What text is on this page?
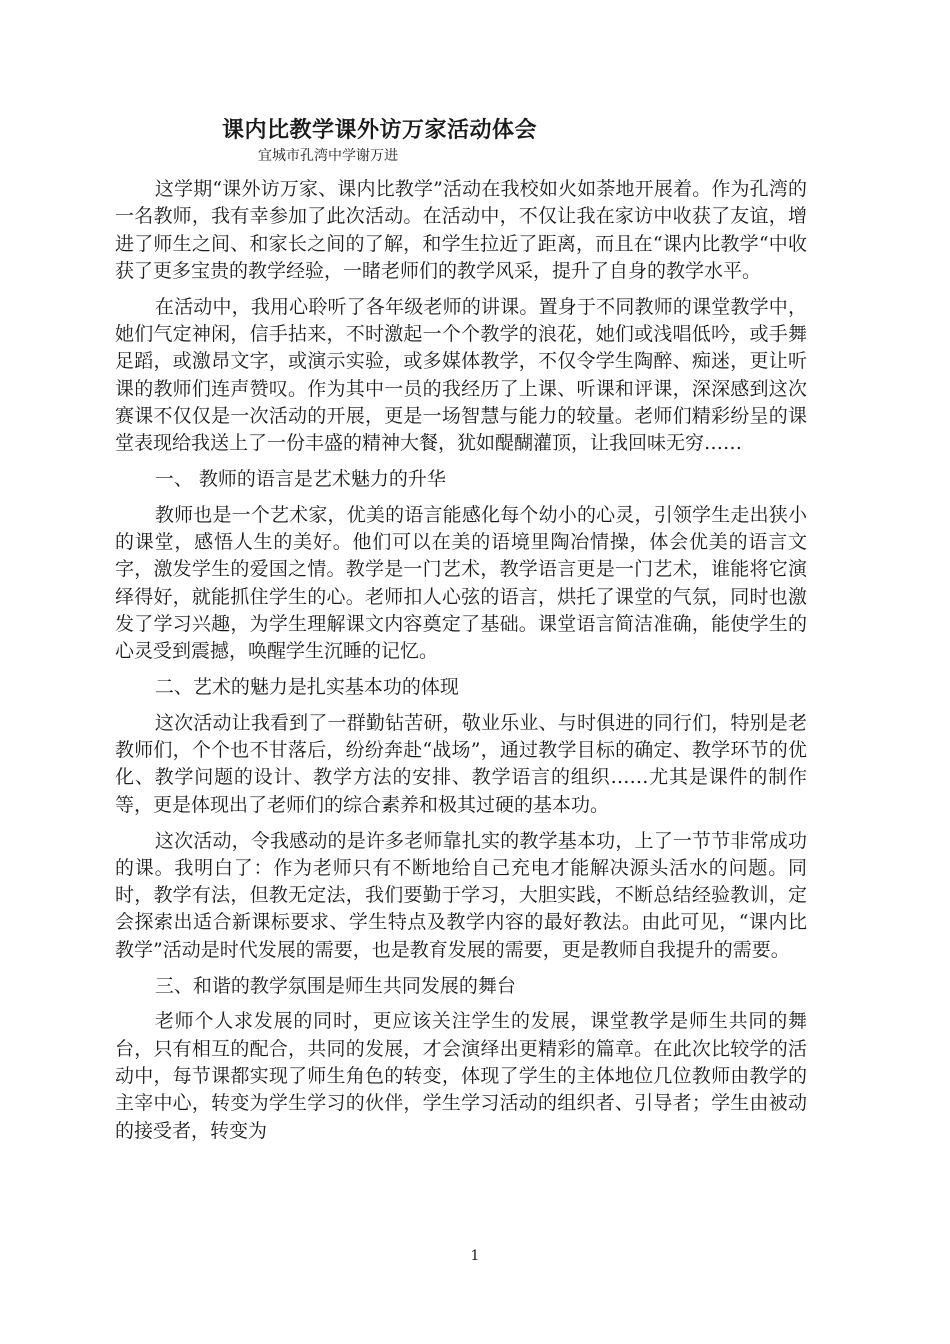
课内比教学课外访万家活动体会
宜城市孔湾中学谢万进

这学期“课外访万家、课内比教学”活动在我校如火如荼地开展着。作为孔湾的一名教师，我有幸参加了此次活动。在活动中，不仅让我在家访中收获了友谊，增进了师生之间、和家长之间的了解，和学生拉近了距离，而且在“课内比教学“中收获了更多宝贵的教学经验，一睹老师们的教学风采，提升了自身的教学水平。

在活动中，我用心聆听了各年级老师的讲课。置身于不同教师的课堂教学中，她们气定神闲，信手拈来，不时激起一个个教学的浪花，她们或浅唱低吟，或手舞足蹈，或激昂文字，或演示实验，或多媒体教学，不仅令学生陶醉、痴迷，更让听课的教师们连声赞叹。作为其中一员的我经历了上课、听课和评课，深深感到这次赛课不仅仅是一次活动的开展，更是一场智慧与能力的较量。老师们精彩纷呈的课堂表现给我送上了一份丰盛的精神大餐，犹如醍醐灌顶，让我回味无穷……

一、 教师的语言是艺术魅力的升华

教师也是一个艺术家，优美的语言能感化每个幼小的心灵，引领学生走出狭小的课堂，感悟人生的美好。他们可以在美的语境里陶冶情操，体会优美的语言文字，激发学生的爱国之情。教学是一门艺术，教学语言更是一门艺术，谁能将它演绎得好，就能抓住学生的心。老师扣人心弦的语言，烘托了课堂的气氛，同时也激发了学习兴趣，为学生理解课文内容奠定了基础。课堂语言简洁准确，能使学生的心灵受到震撼，唤醒学生沉睡的记忆。

二、艺术的魅力是扎实基本功的体现

这次活动让我看到了一群勤钻苦研，敬业乐业、与时俱进的同行们，特别是老教师们，个个也不甘落后，纷纷奔赴“战场”，通过教学目标的确定、教学环节的优化、教学问题的设计、教学方法的安排、教学语言的组织……尤其是课件的制作等，更是体现出了老师们的综合素养和极其过硬的基本功。

这次活动，令我感动的是许多老师靠扎实的教学基本功，上了一节节非常成功的课。我明白了：作为老师只有不断地给自己充电才能解决源头活水的问题。同时，教学有法，但教无定法，我们要勤于学习，大胆实践，不断总结经验教训，定会探索出适合新课标要求、学生特点及教学内容的最好教法。由此可见，“课内比教学”活动是时代发展的需要，也是教育发展的需要，更是教师自我提升的需要。

三、和谐的教学氛围是师生共同发展的舞台

老师个人求发展的同时，更应该关注学生的发展，课堂教学是师生共同的舞台，只有相互的配合，共同的发展，才会演绎出更精彩的篇章。在此次比较学的活动中，每节课都实现了师生角色的转变，体现了学生的主体地位几位教师由教学的主宰中心，转变为学生学习的伙伴，学生学习活动的组织者、引导者；学生由被动的接受者，转变为

1
